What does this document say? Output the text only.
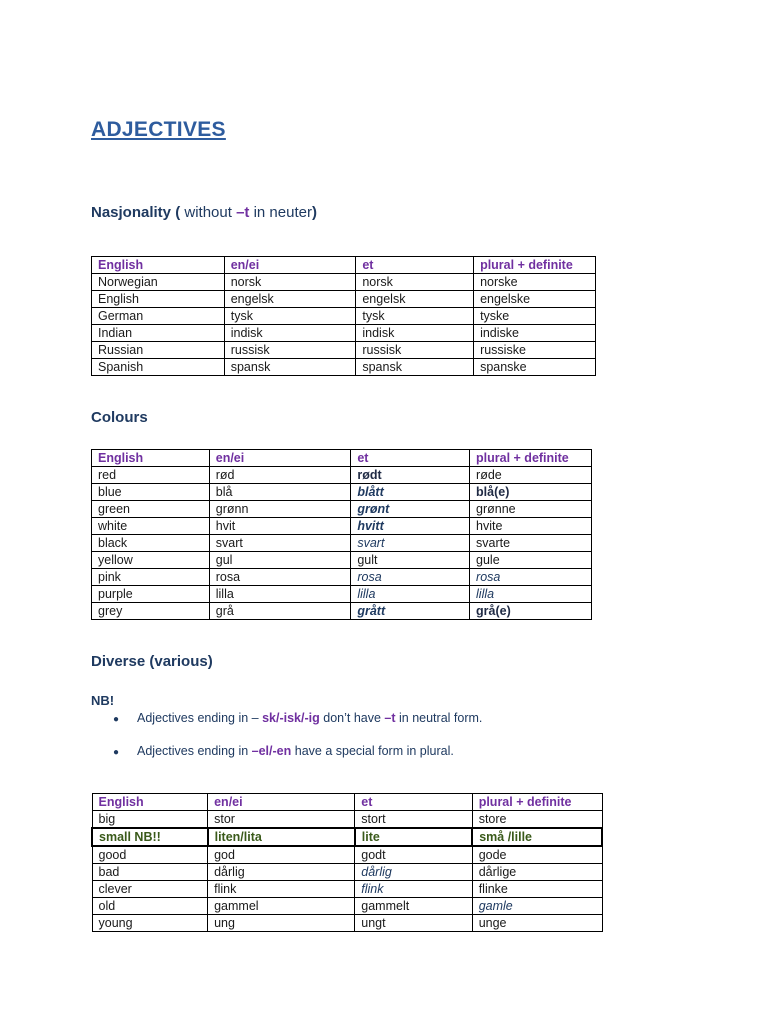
ADJECTIVES
Nasjonality ( without –t in neuter)
English	en/ei	et	plural + definite
Norwegian	norsk	norsk	norske
English	engelsk	engelsk	engelske
German	tysk	tysk	tyske
Indian	indisk	indisk	indiske
Russian	russisk	russisk	russiske
Spanish	spansk	spansk	spanske
Colours
English	en/ei	et	plural + definite
red	rød	rødt	røde
blue	blå	blått	blå(e)
green	grønn	grønt	grønne
white	hvit	hvitt	hvite
black	svart	svart	svarte
yellow	gul	gult	gule
pink	rosa	rosa	rosa
purple	lilla	lilla	lilla
grey	grå	grått	grå(e)
Diverse (various)
NB!
● Adjectives ending in – sk/-isk/-ig don’t have –t in neutral form.
● Adjectives ending in –el/-en have a special form in plural.
English	en/ei	et	plural + definite
big	stor	stort	store
small NB!!	liten/lita	lite	små /lille
good	god	godt	gode
bad	dårlig	dårlig	dårlige
clever	flink	flink	flinke
old	gammel	gammelt	gamle
young	ung	ungt	unge
